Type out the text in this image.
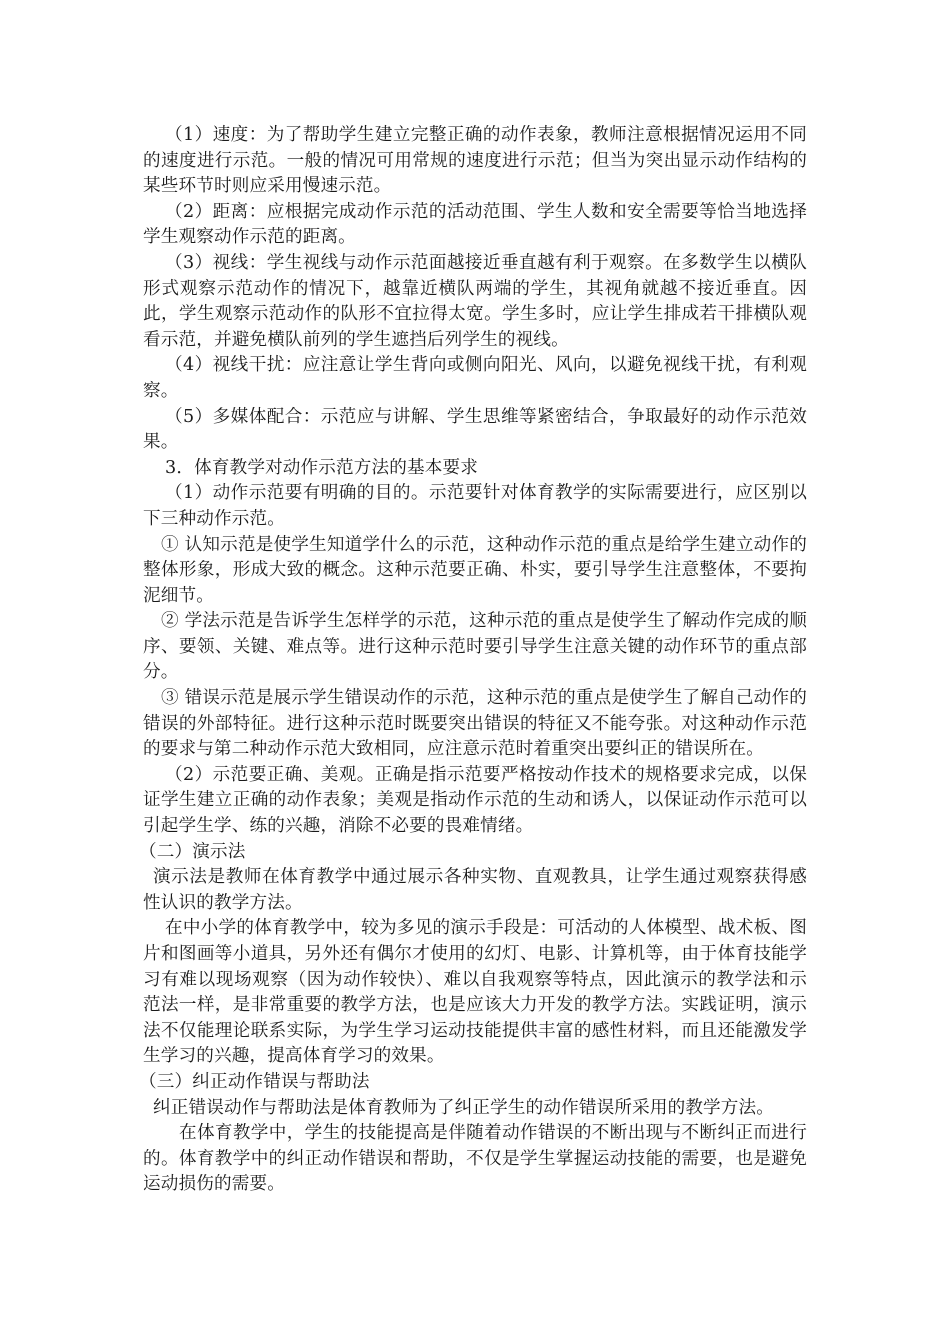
（1）速度：为了帮助学生建立完整正确的动作表象，教师注意根据情况运用不同的速度进行示范。一般的情况可用常规的速度进行示范；但当为突出显示动作结构的某些环节时则应采用慢速示范。

（2）距离：应根据完成动作示范的活动范围、学生人数和安全需要等恰当地选择学生观察动作示范的距离。

（3）视线：学生视线与动作示范面越接近垂直越有利于观察。在多数学生以横队形式观察示范动作的情况下，越靠近横队两端的学生，其视角就越不接近垂直。因此，学生观察示范动作的队形不宜拉得太宽。学生多时，应让学生排成若干排横队观看示范，并避免横队前列的学生遮挡后列学生的视线。

（4）视线干扰：应注意让学生背向或侧向阳光、风向，以避免视线干扰，有利观察。

（5）多媒体配合：示范应与讲解、学生思维等紧密结合，争取最好的动作示范效果。

3．体育教学对动作示范方法的基本要求

（1）动作示范要有明确的目的。示范要针对体育教学的实际需要进行，应区别以下三种动作示范。

① 认知示范是使学生知道学什么的示范，这种动作示范的重点是给学生建立动作的整体形象，形成大致的概念。这种示范要正确、朴实，要引导学生注意整体，不要拘泥细节。

② 学法示范是告诉学生怎样学的示范，这种示范的重点是使学生了解动作完成的顺序、要领、关键、难点等。进行这种示范时要引导学生注意关键的动作环节的重点部分。

③ 错误示范是展示学生错误动作的示范，这种示范的重点是使学生了解自己动作的错误的外部特征。进行这种示范时既要突出错误的特征又不能夸张。对这种动作示范的要求与第二种动作示范大致相同，应注意示范时着重突出要纠正的错误所在。

（2）示范要正确、美观。正确是指示范要严格按动作技术的规格要求完成，以保证学生建立正确的动作表象；美观是指动作示范的生动和诱人，以保证动作示范可以引起学生学、练的兴趣，消除不必要的畏难情绪。

（二）演示法

演示法是教师在体育教学中通过展示各种实物、直观教具，让学生通过观察获得感性认识的教学方法。

在中小学的体育教学中，较为多见的演示手段是：可活动的人体模型、战术板、图片和图画等小道具，另外还有偶尔才使用的幻灯、电影、计算机等，由于体育技能学习有难以现场观察（因为动作较快）、难以自我观察等特点，因此演示的教学法和示范法一样，是非常重要的教学方法，也是应该大力开发的教学方法。实践证明，演示法不仅能理论联系实际，为学生学习运动技能提供丰富的感性材料，而且还能激发学生学习的兴趣，提高体育学习的效果。

（三）纠正动作错误与帮助法

纠正错误动作与帮助法是体育教师为了纠正学生的动作错误所采用的教学方法。

在体育教学中，学生的技能提高是伴随着动作错误的不断出现与不断纠正而进行的。体育教学中的纠正动作错误和帮助，不仅是学生掌握运动技能的需要，也是避免运动损伤的需要。
